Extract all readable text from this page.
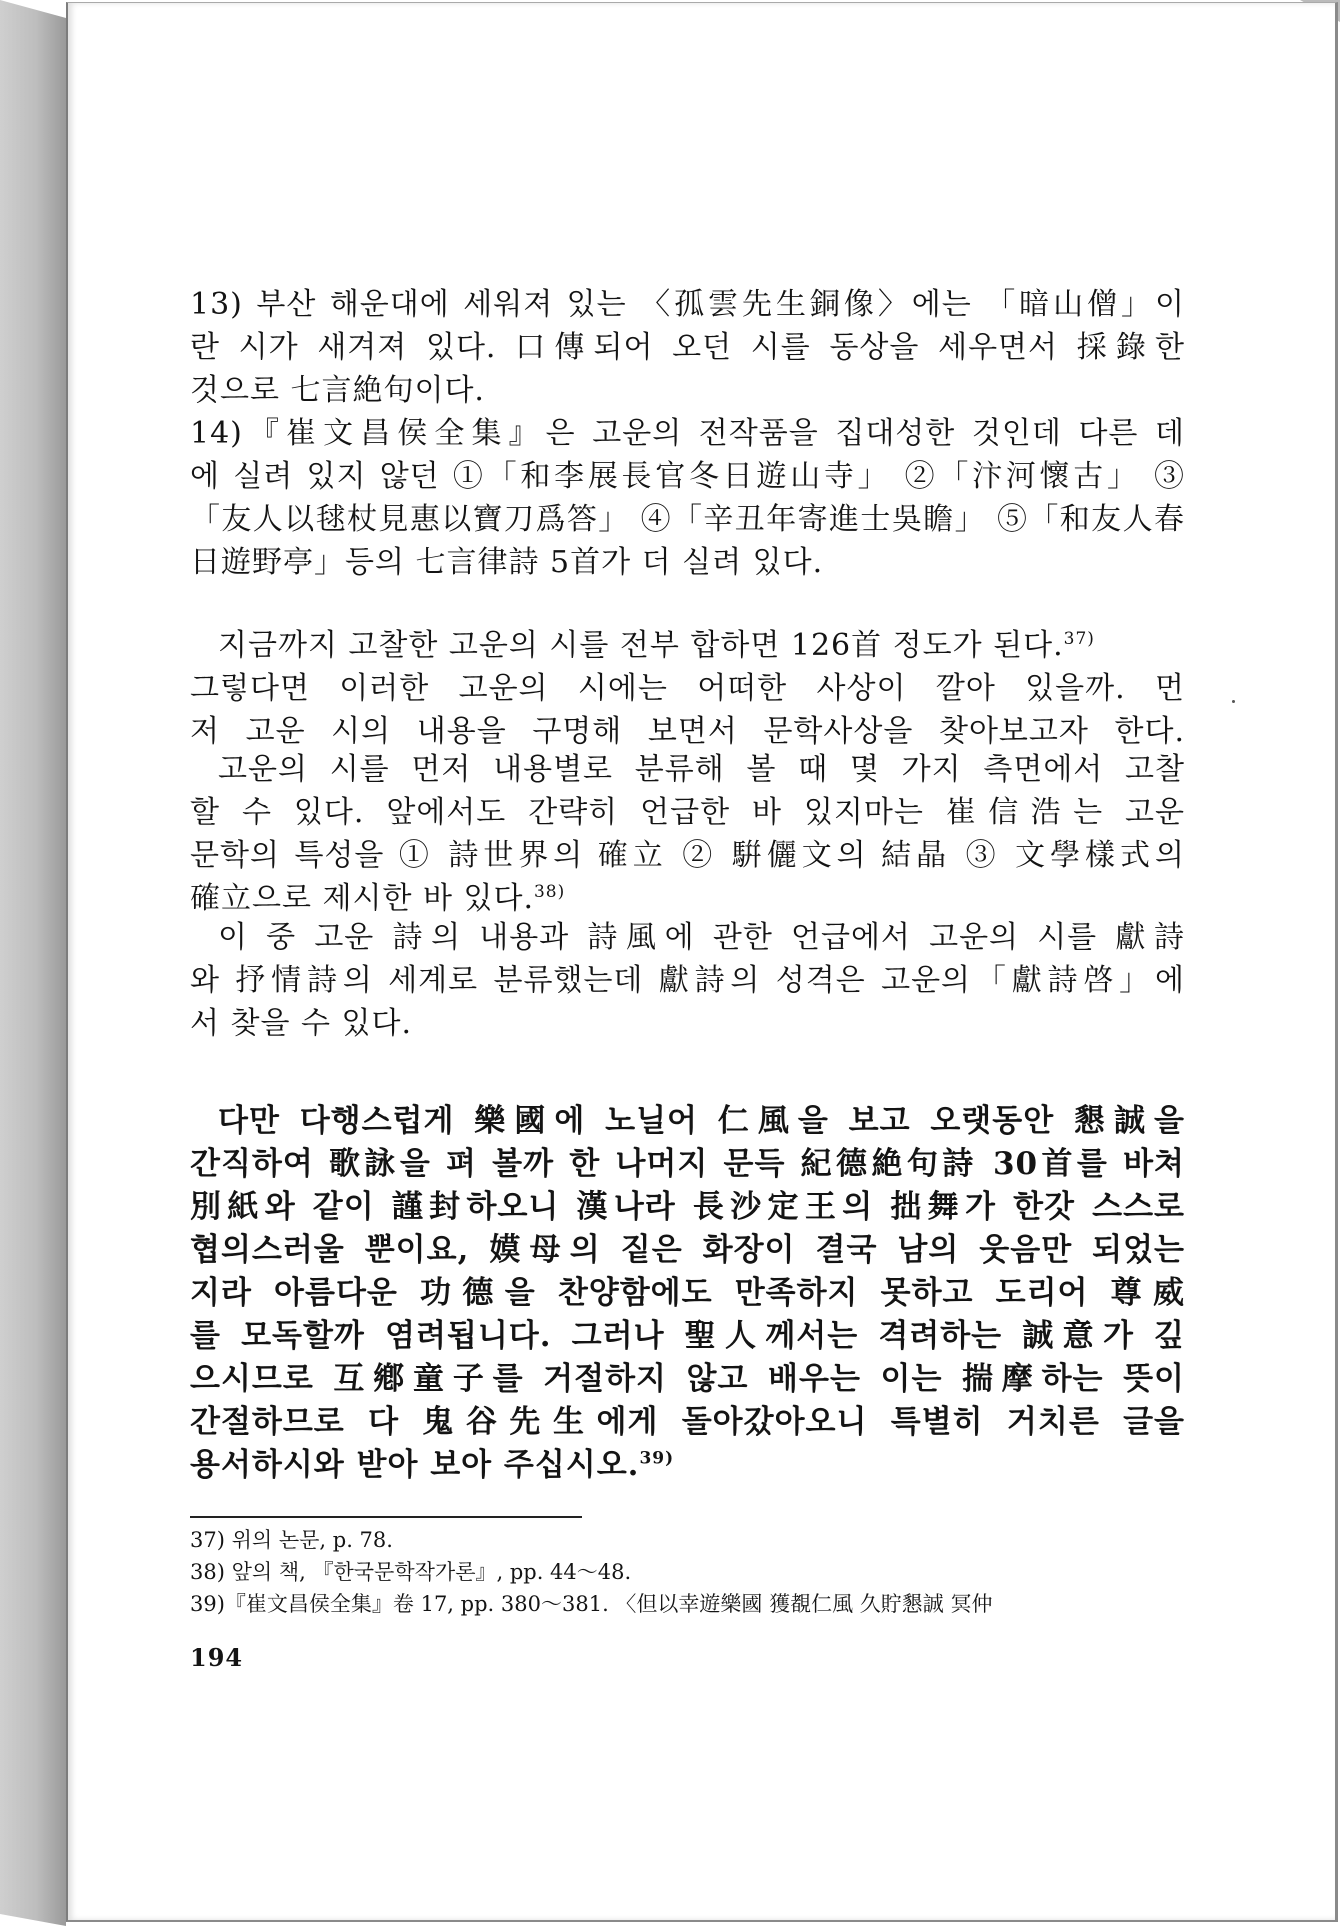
13) 부산 해운대에 세워져 있는 〈孤雲先生銅像〉에는 「暗山僧」이
란 시가 새겨져 있다. 口傳되어 오던 시를 동상을 세우면서 採錄한
것으로 七言絶句이다.
14)『崔文昌侯全集』은 고운의 전작품을 집대성한 것인데 다른 데
에 실려 있지 않던 ①「和李展長官冬日遊山寺」 ②「汴河懷古」 ③
「友人以毬杖見惠以寶刀爲答」 ④「辛丑年寄進士吳瞻」 ⑤「和友人春
日遊野亭」등의 七言律詩 5首가 더 실려 있다.
지금까지 고찰한 고운의 시를 전부 합하면 126首 정도가 된다.$^{37)}$
그렇다면 이러한 고운의 시에는 어떠한 사상이 깔아 있을까. 먼
저 고운 시의 내용을 구명해 보면서 문학사상을 찾아보고자 한다.
고운의 시를 먼저 내용별로 분류해 볼 때 몇 가지 측면에서 고찰
할 수 있다. 앞에서도 간략히 언급한 바 있지마는 崔信浩는 고운
문학의 특성을 ① 詩世界의 確立 ② 騈儷文의 結晶 ③ 文學樣式의
確立으로 제시한 바 있다.$^{38)}$
이 중 고운 詩의 내용과 詩風에 관한 언급에서 고운의 시를 獻詩
와 抒情詩의 세계로 분류했는데 獻詩의 성격은 고운의「獻詩啓」에
서 찾을 수 있다.
다만 다행스럽게 樂國에 노닐어 仁風을 보고 오랫동안 懇誠을
간직하여 歌詠을 펴 볼까 한 나머지 문득 紀德絶句詩 30首를 바쳐
別紙와 같이 謹封하오니 漢나라 長沙定王의 拙舞가 한갓 스스로
협의스러울 뿐이요, 嫫母의 짙은 화장이 결국 남의 웃음만 되었는
지라 아름다운 功德을 찬양함에도 만족하지 못하고 도리어 尊威
를 모독할까 염려됩니다. 그러나 聖人께서는 격려하는 誠意가 깊
으시므로 互鄕童子를 거절하지 않고 배우는 이는 揣摩하는 뜻이
간절하므로 다 鬼谷先生에게 돌아갔아오니 특별히 거치른 글을
용서하시와 받아 보아 주십시오.$^{39)}$
37) 위의 논문, p. 78.
38) 앞의 책, 『한국문학작가론』, pp. 44～48.
39)『崔文昌侯全集』卷 17, pp. 380～381. 〈但以幸遊樂國 獲覩仁風 久貯懇誠 冥仲
194
